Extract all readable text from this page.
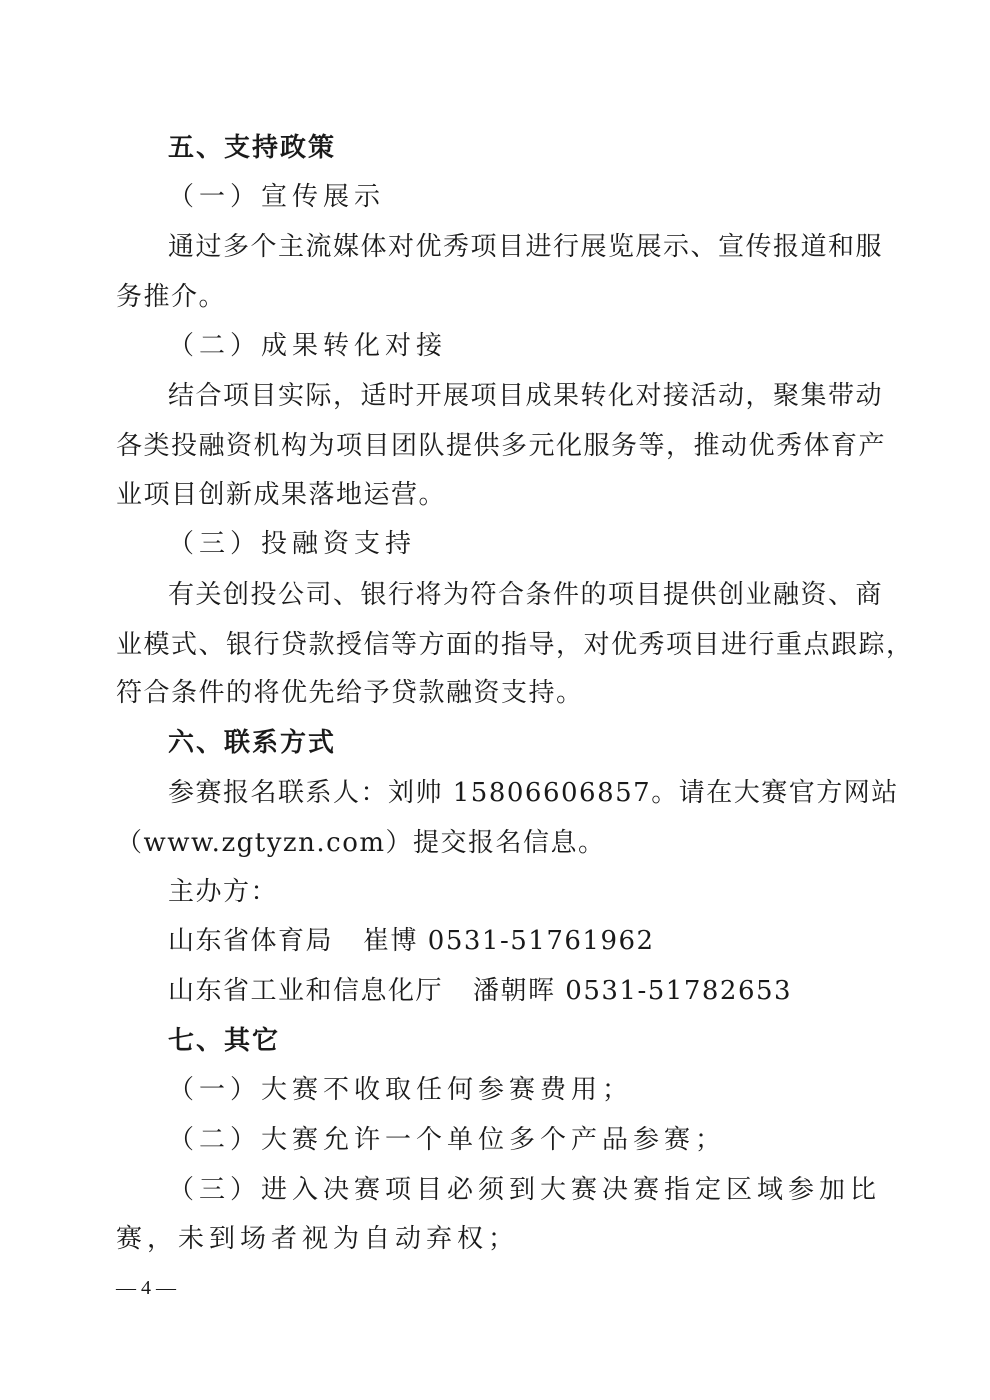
五、支持政策

（一）宣传展示

通过多个主流媒体对优秀项目进行展览展示、宣传报道和服

务推介。

（二）成果转化对接

结合项目实际，适时开展项目成果转化对接活动，聚集带动

各类投融资机构为项目团队提供多元化服务等，推动优秀体育产

业项目创新成果落地运营。

（三）投融资支持

有关创投公司、银行将为符合条件的项目提供创业融资、商

业模式、银行贷款授信等方面的指导，对优秀项目进行重点跟踪，

符合条件的将优先给予贷款融资支持。

六、联系方式

参赛报名联系人：刘帅 15806606857。请在大赛官方网站

（www.zgtyzn.com）提交报名信息。

主办方：

山东省体育局 崔博 0531-51761962

山东省工业和信息化厅 潘朝晖 0531-51782653

七、其它

（一）大赛不收取任何参赛费用；

（二）大赛允许一个单位多个产品参赛；

（三）进入决赛项目必须到大赛决赛指定区域参加比

赛，未到场者视为自动弃权；

— 4 —
